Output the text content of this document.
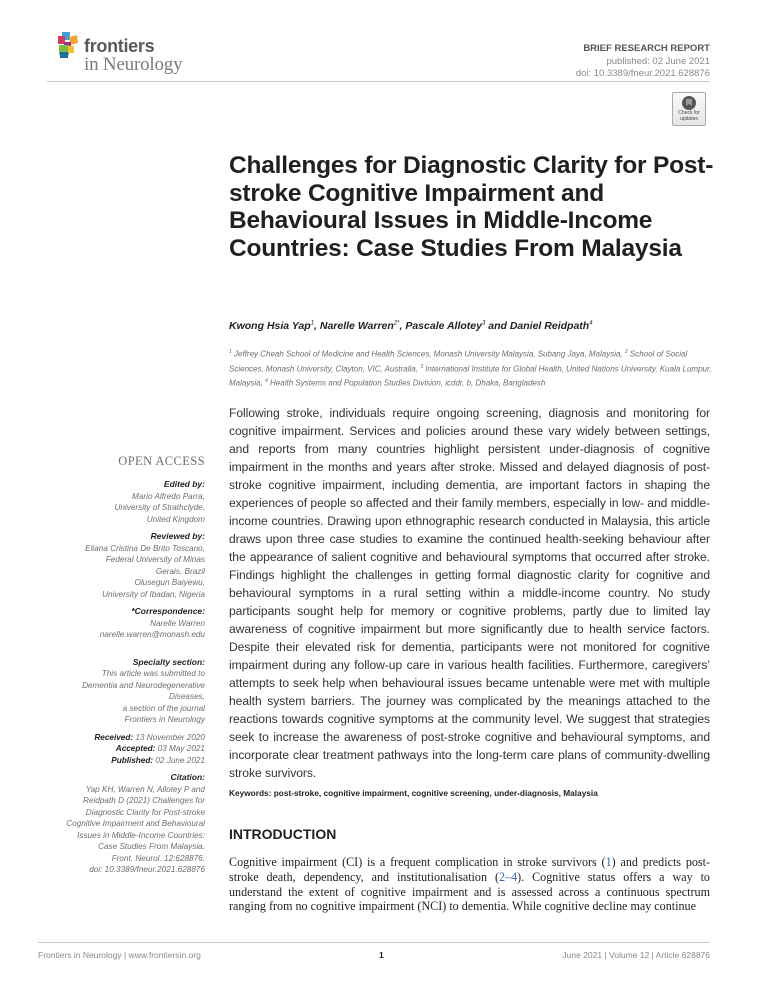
frontiers
in Neurology
BRIEF RESEARCH REPORT
published: 02 June 2021
doi: 10.3389/fneur.2021.628876
Check for
updates
Challenges for Diagnostic Clarity for Post-stroke Cognitive Impairment and Behavioural Issues in Middle-Income Countries: Case Studies From Malaysia
Kwong Hsia Yap$^1$, Narelle Warren$^{2*}$, Pascale Allotey$^3$ and Daniel Reidpath$^4$
$^1$ Jeffrey Cheah School of Medicine and Health Sciences, Monash University Malaysia, Subang Jaya, Malaysia, $^2$ School of Social Sciences, Monash University, Clayton, VIC, Australia, $^3$ International Institute for Global Health, United Nations University, Kuala Lumpur, Malaysia, $^4$ Health Systems and Population Studies Division, icddr, b, Dhaka, Bangladesh
OPEN ACCESS
Edited by:
Mario Alfredo Parra,
University of Strathclyde,
United Kingdom
Reviewed by:
Eliana Cristina De Brito Toscano,
Federal University of Minas
Gerais, Brazil
Olusegun Baiyewu,
University of Ibadan, Nigeria
*Correspondence:
Narelle Warren
narelle.warren@monash.edu
Specialty section:
This article was submitted to
Dementia and Neurodegenerative
Diseases,
a section of the journal
Frontiers in Neurology
Received: 13 November 2020
Accepted: 03 May 2021
Published: 02 June 2021
Citation:
Yap KH, Warren N, Allotey P and
Reidpath D (2021) Challenges for
Diagnostic Clarity for Post-stroke
Cognitive Impairment and Behavioural
Issues in Middle-Income Countries:
Case Studies From Malaysia.
Front. Neurol. 12:628876.
doi: 10.3389/fneur.2021.628876
Following stroke, individuals require ongoing screening, diagnosis and monitoring for cognitive impairment. Services and policies around these vary widely between settings, and reports from many countries highlight persistent under-diagnosis of cognitive impairment in the months and years after stroke. Missed and delayed diagnosis of post-stroke cognitive impairment, including dementia, are important factors in shaping the experiences of people so affected and their family members, especially in low- and middle-income countries. Drawing upon ethnographic research conducted in Malaysia, this article draws upon three case studies to examine the continued health-seeking behaviour after the appearance of salient cognitive and behavioural symptoms that occurred after stroke. Findings highlight the challenges in getting formal diagnostic clarity for cognitive and behavioural symptoms in a rural setting within a middle-income country. No study participants sought help for memory or cognitive problems, partly due to limited lay awareness of cognitive impairment but more significantly due to health service factors. Despite their elevated risk for dementia, participants were not monitored for cognitive impairment during any follow-up care in various health facilities. Furthermore, caregivers’ attempts to seek help when behavioural issues became untenable were met with multiple health system barriers. The journey was complicated by the meanings attached to the reactions towards cognitive symptoms at the community level. We suggest that strategies seek to increase the awareness of post-stroke cognitive and behavioural symptoms, and incorporate clear treatment pathways into the long-term care plans of community-dwelling stroke survivors.
Keywords: post-stroke, cognitive impairment, cognitive screening, under-diagnosis, Malaysia
INTRODUCTION
Cognitive impairment (CI) is a frequent complication in stroke survivors (1) and predicts post-stroke death, dependency, and institutionalisation (2–4). Cognitive status offers a way to understand the extent of cognitive impairment and is assessed across a continuous spectrum ranging from no cognitive impairment (NCI) to dementia. While cognitive decline may continue
Frontiers in Neurology | www.frontiersin.org	1	June 2021 | Volume 12 | Article 628876
